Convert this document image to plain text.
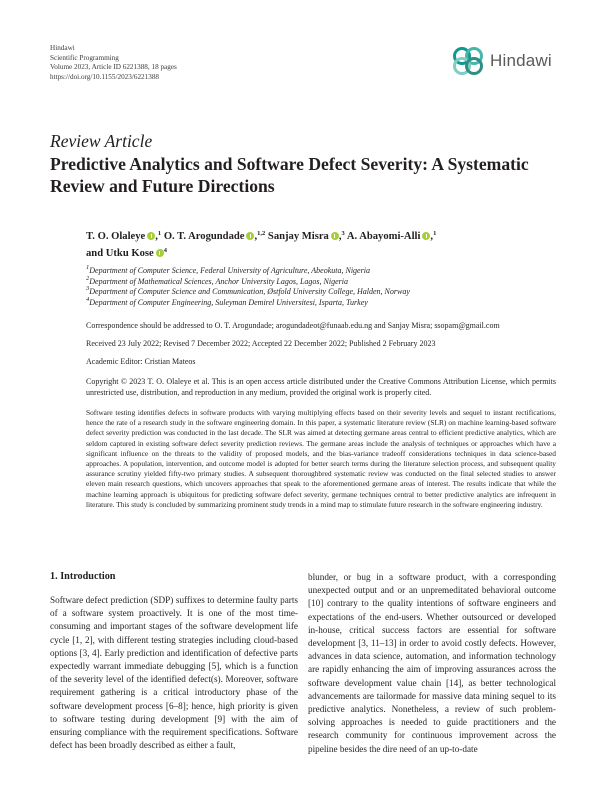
Hindawi
Scientific Programming
Volume 2023, Article ID 6221388, 18 pages
https://doi.org/10.1155/2023/6221388
Hindawi
Review Article
Predictive Analytics and Software Defect Severity: A Systematic Review and Future Directions
T. O. Olaleye ,$^1$ O. T. Arogundade ,$^{1,2}$ Sanjay Misra ,$^3$ A. Abayomi-Alli ,$^1$
and Utku Kose $^4$
$^1$Department of Computer Science, Federal University of Agriculture, Abeokuta, Nigeria
$^2$Department of Mathematical Sciences, Anchor University Lagos, Lagos, Nigeria
$^3$Department of Computer Science and Communication, Østfold University College, Halden, Norway
$^4$Department of Computer Engineering, Suleyman Demirel Universitesi, Isparta, Turkey
Correspondence should be addressed to O. T. Arogundade; arogundadeot@funaab.edu.ng and Sanjay Misra; ssopam@gmail.com
Received 23 July 2022; Revised 7 December 2022; Accepted 22 December 2022; Published 2 February 2023
Academic Editor: Cristian Mateos
Copyright © 2023 T. O. Olaleye et al. This is an open access article distributed under the Creative Commons Attribution License, which permits unrestricted use, distribution, and reproduction in any medium, provided the original work is properly cited.
Software testing identifies defects in software products with varying multiplying effects based on their severity levels and sequel to instant rectifications, hence the rate of a research study in the software engineering domain. In this paper, a systematic literature review (SLR) on machine learning-based software defect severity prediction was conducted in the last decade. The SLR was aimed at detecting germane areas central to efficient predictive analytics, which are seldom captured in existing software defect severity prediction reviews. The germane areas include the analysis of techniques or approaches which have a significant influence on the threats to the validity of proposed models, and the bias-variance tradeoff considerations techniques in data science-based approaches. A population, intervention, and outcome model is adopted for better search terms during the literature selection process, and subsequent quality assurance scrutiny yielded fifty-two primary studies. A subsequent thoroughbred systematic review was conducted on the final selected studies to answer eleven main research questions, which uncovers approaches that speak to the aforementioned germane areas of interest. The results indicate that while the machine learning approach is ubiquitous for predicting software defect severity, germane techniques central to better predictive analytics are infrequent in literature. This study is concluded by summarizing prominent study trends in a mind map to stimulate future research in the software engineering industry.
1. Introduction
Software defect prediction (SDP) suffixes to determine faulty parts of a software system proactively. It is one of the most time-consuming and important stages of the software development life cycle [1, 2], with different testing strategies including cloud-based options [3, 4]. Early prediction and identification of defective parts expectedly warrant immediate debugging [5], which is a function of the severity level of the identified defect(s). Moreover, software requirement gathering is a critical introductory phase of the software development process [6–8]; hence, high priority is given to software testing during development [9] with the aim of ensuring compliance with the requirement specifications. Software defect has been broadly described as either a fault,
blunder, or bug in a software product, with a corresponding unexpected output and or an unpremeditated behavioral outcome [10] contrary to the quality intentions of software engineers and expectations of the end-users. Whether outsourced or developed in-house, critical success factors are essential for software development [3, 11–13] in order to avoid costly defects. However, advances in data science, automation, and information technology are rapidly enhancing the aim of improving assurances across the software development value chain [14], as better technological advancements are tailormade for massive data mining sequel to its predictive analytics. Nonetheless, a review of such problem-solving approaches is needed to guide practitioners and the research community for continuous improvement across the pipeline besides the dire need of an up-to-date
